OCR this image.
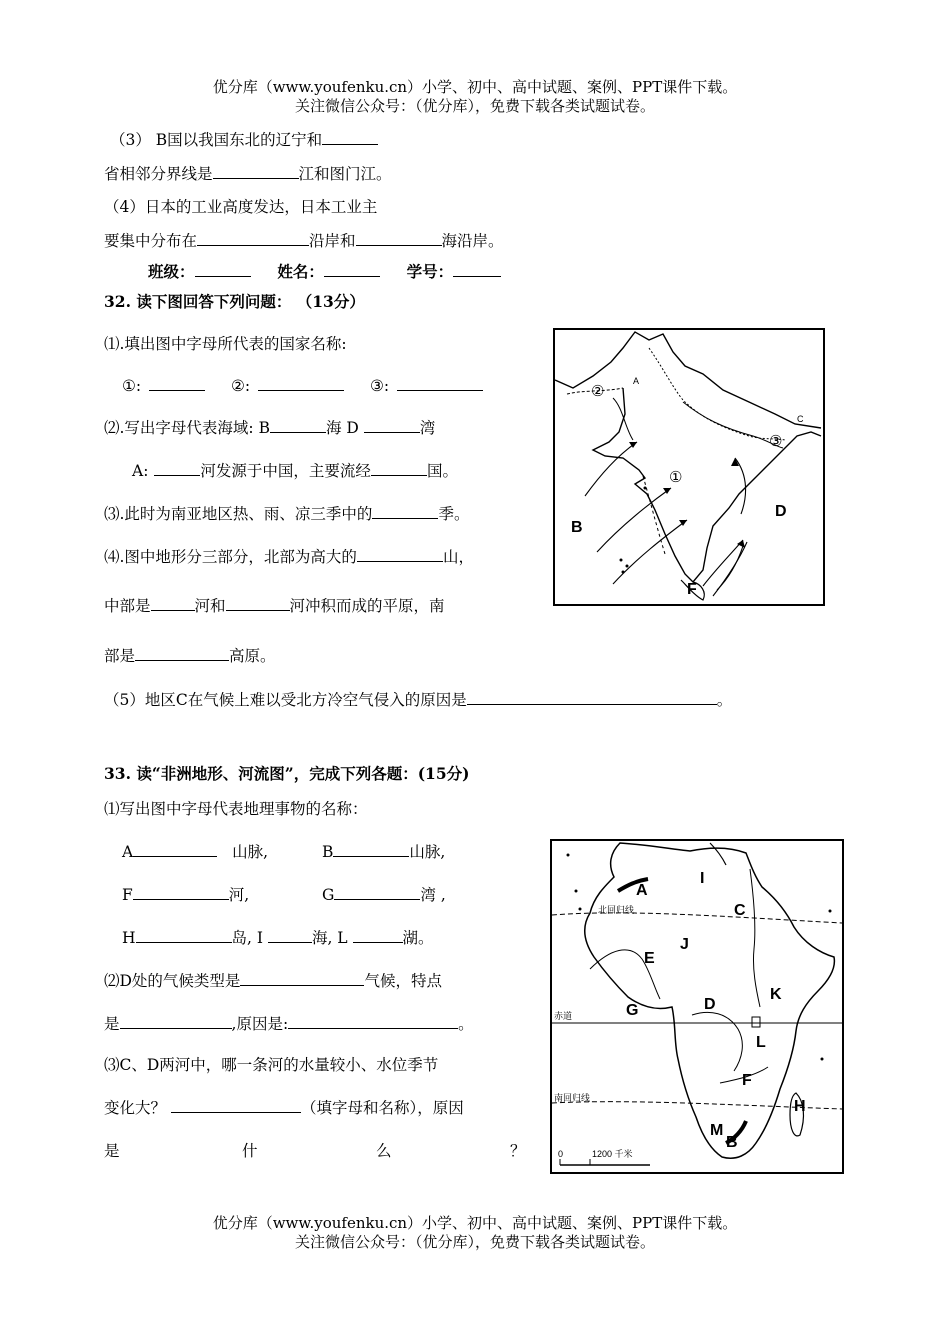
优分库（www.youfenku.cn）小学、初中、高中试题、案例、PPT课件下载。
关注微信公众号：（优分库），免费下载各类试题试卷。
（3） B国以我国东北的辽宁和
省相邻分界线是	江和图门江。
（4）日本的工业高度发达，日本工业主
要集中分布在	沿岸和	海沿岸。
班级：	姓名：	学号：
32. 读下图回答下列问题： （13分）
⑴.填出图中字母所代表的国家名称:
①:	②:	③:
⑵.写出字母代表海域: B	海 D	湾
A:	河发源于中国，主要流经	国。
⑶.此时为南亚地区热、雨、凉三季中的	季。
⑷.图中地形分三部分，北部为高大的	山，
中部是	河和	河冲积而成的平原，南
部是	高原。
（5）地区C在气候上难以受北方冷空气侵入的原因是	。
②
A
①
C
③
B
D
F
33. 读“非洲地形、河流图”，完成下列各题：(15分)
⑴写出图中字母代表地理事物的名称：
A	山脉,	B	山脉,
F	河,	G	湾 ,
H	岛, I	海, L	湖。
⑵D处的气候类型是	气候，特点
是	,原因是:	。
⑶C、D两河中，哪一条河的水量较小、水位季节
变化大？	（填字母和名称），原因
是	什	么	？
北回归线
赤道
南回归线
A
I
C
J
E
D
K
G
L
F
H
M
B
0	1200 千米
优分库（www.youfenku.cn）小学、初中、高中试题、案例、PPT课件下载。
关注微信公众号：（优分库），免费下载各类试题试卷。
